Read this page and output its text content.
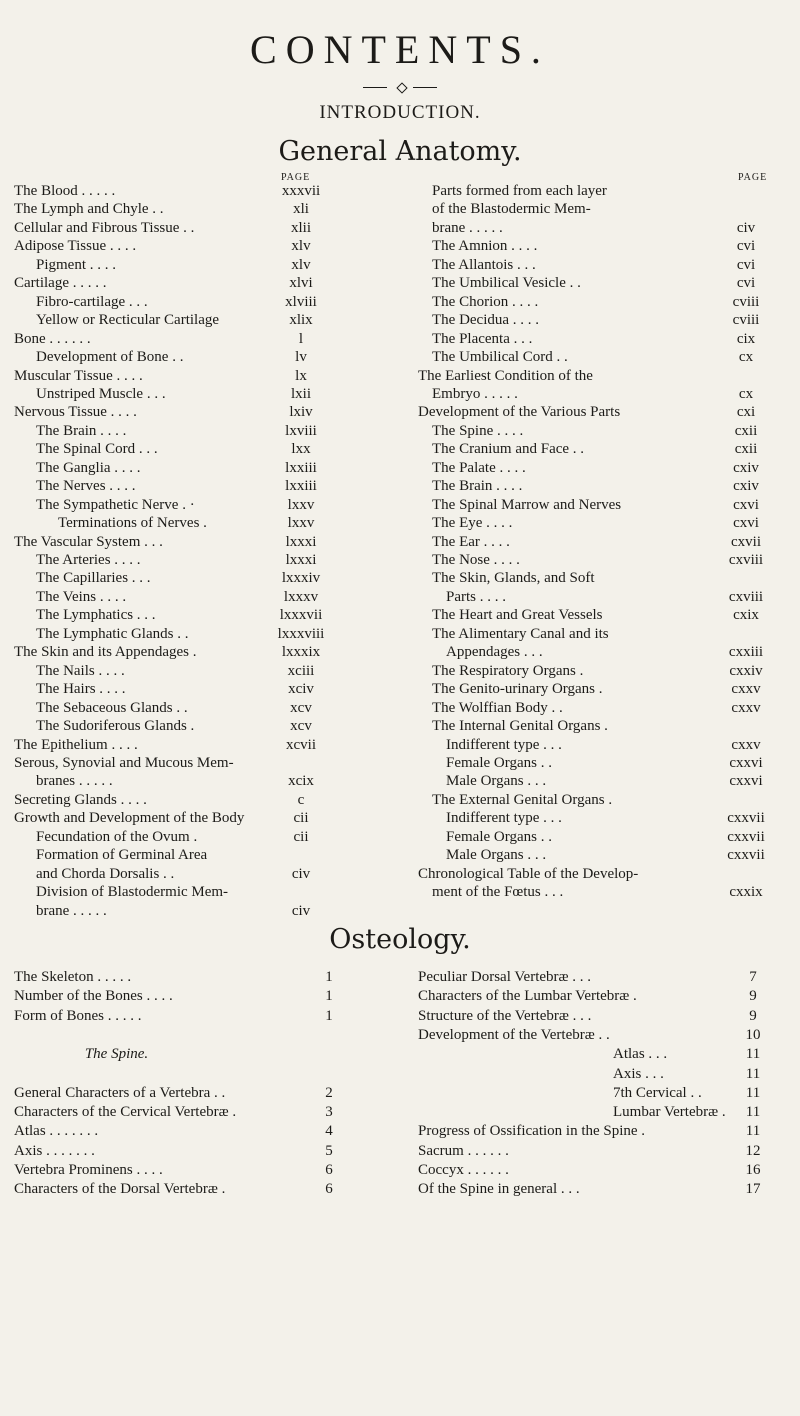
CONTENTS.
INTRODUCTION.
General Anatomy.
PAGE
The Blood . . . . .	xxxvii
The Lymph and Chyle . .	xli
Cellular and Fibrous Tissue . .	xlii
Adipose Tissue . . . .	xlv
Pigment . . . .	xlv
Cartilage . . . . .	xlvi
Fibro-cartilage . . .	xlviii
Yellow or Recticular Cartilage	xlix
Bone . . . . . .	l
Development of Bone . .	lv
Muscular Tissue . . . .	lx
Unstriped Muscle . . .	lxii
Nervous Tissue . . . .	lxiv
The Brain . . . .	lxviii
The Spinal Cord . . .	lxx
The Ganglia . . . .	lxxiii
The Nerves . . . .	lxxiii
The Sympathetic Nerve . ·	lxxv
Terminations of Nerves .	lxxv
The Vascular System . . .	lxxxi
The Arteries . . . .	lxxxi
The Capillaries . . .	lxxxiv
The Veins . . . .	lxxxv
The Lymphatics . . .	lxxxvii
The Lymphatic Glands . .	lxxxviii
The Skin and its Appendages .	lxxxix
The Nails . . . .	xciii
The Hairs . . . .	xciv
The Sebaceous Glands . .	xcv
The Sudoriferous Glands .	xcv
The Epithelium . . . .	xcvii
Serous, Synovial and Mucous Mem-
branes . . . . .	xcix
Secreting Glands . . . .	c
Growth and Development of the Body	cii
Fecundation of the Ovum .	cii
Formation of Germinal Area
and Chorda Dorsalis . .	civ
Division of Blastodermic Mem-
brane . . . . .	civ
PAGE
Parts formed from each layer
of the Blastodermic Mem-
brane . . . . .	civ
The Amnion . . . .	cvi
The Allantois . . .	cvi
The Umbilical Vesicle . .	cvi
The Chorion . . . .	cviii
The Decidua . . . .	cviii
The Placenta . . .	cix
The Umbilical Cord . .	cx
The Earliest Condition of the
Embryo . . . . .	cx
Development of the Various Parts	cxi
The Spine . . . .	cxii
The Cranium and Face . .	cxii
The Palate . . . .	cxiv
The Brain . . . .	cxiv
The Spinal Marrow and Nerves	cxvi
The Eye . . . .	cxvi
The Ear . . . .	cxvii
The Nose . . . .	cxviii
The Skin, Glands, and Soft
Parts . . . .	cxviii
The Heart and Great Vessels	cxix
The Alimentary Canal and its
Appendages . . .	cxxiii
The Respiratory Organs .	cxxiv
The Genito-urinary Organs .	cxxv
The Wolffian Body . .	cxxv
The Internal Genital Organs .
Indifferent type . . .	cxxv
Female Organs . .	cxxvi
Male Organs . . .	cxxvi
The External Genital Organs .
Indifferent type . . .	cxxvii
Female Organs . .	cxxvii
Male Organs . . .	cxxvii
Chronological Table of the Develop-
ment of the Fœtus . . .	cxxix
Osteology.
The Skeleton . . . . .	1
Number of the Bones . . . .	1
Form of Bones . . . . .	1
The Spine.
General Characters of a Vertebra . .	2
Characters of the Cervical Vertebræ .	3
Atlas . . . . . . .	4
Axis . . . . . . .	5
Vertebra Prominens . . . .	6
Characters of the Dorsal Vertebræ .	6
Peculiar Dorsal Vertebræ . . .	7
Characters of the Lumbar Vertebræ .	9
Structure of the Vertebræ . . .	9
Development of the Vertebræ . .	10
Atlas . . .	11
Axis . . .	11
7th Cervical . .	11
Lumbar Vertebræ .	11
Progress of Ossification in the Spine .	11
Sacrum . . . . . .	12
Coccyx . . . . . .	16
Of the Spine in general . . .	17
